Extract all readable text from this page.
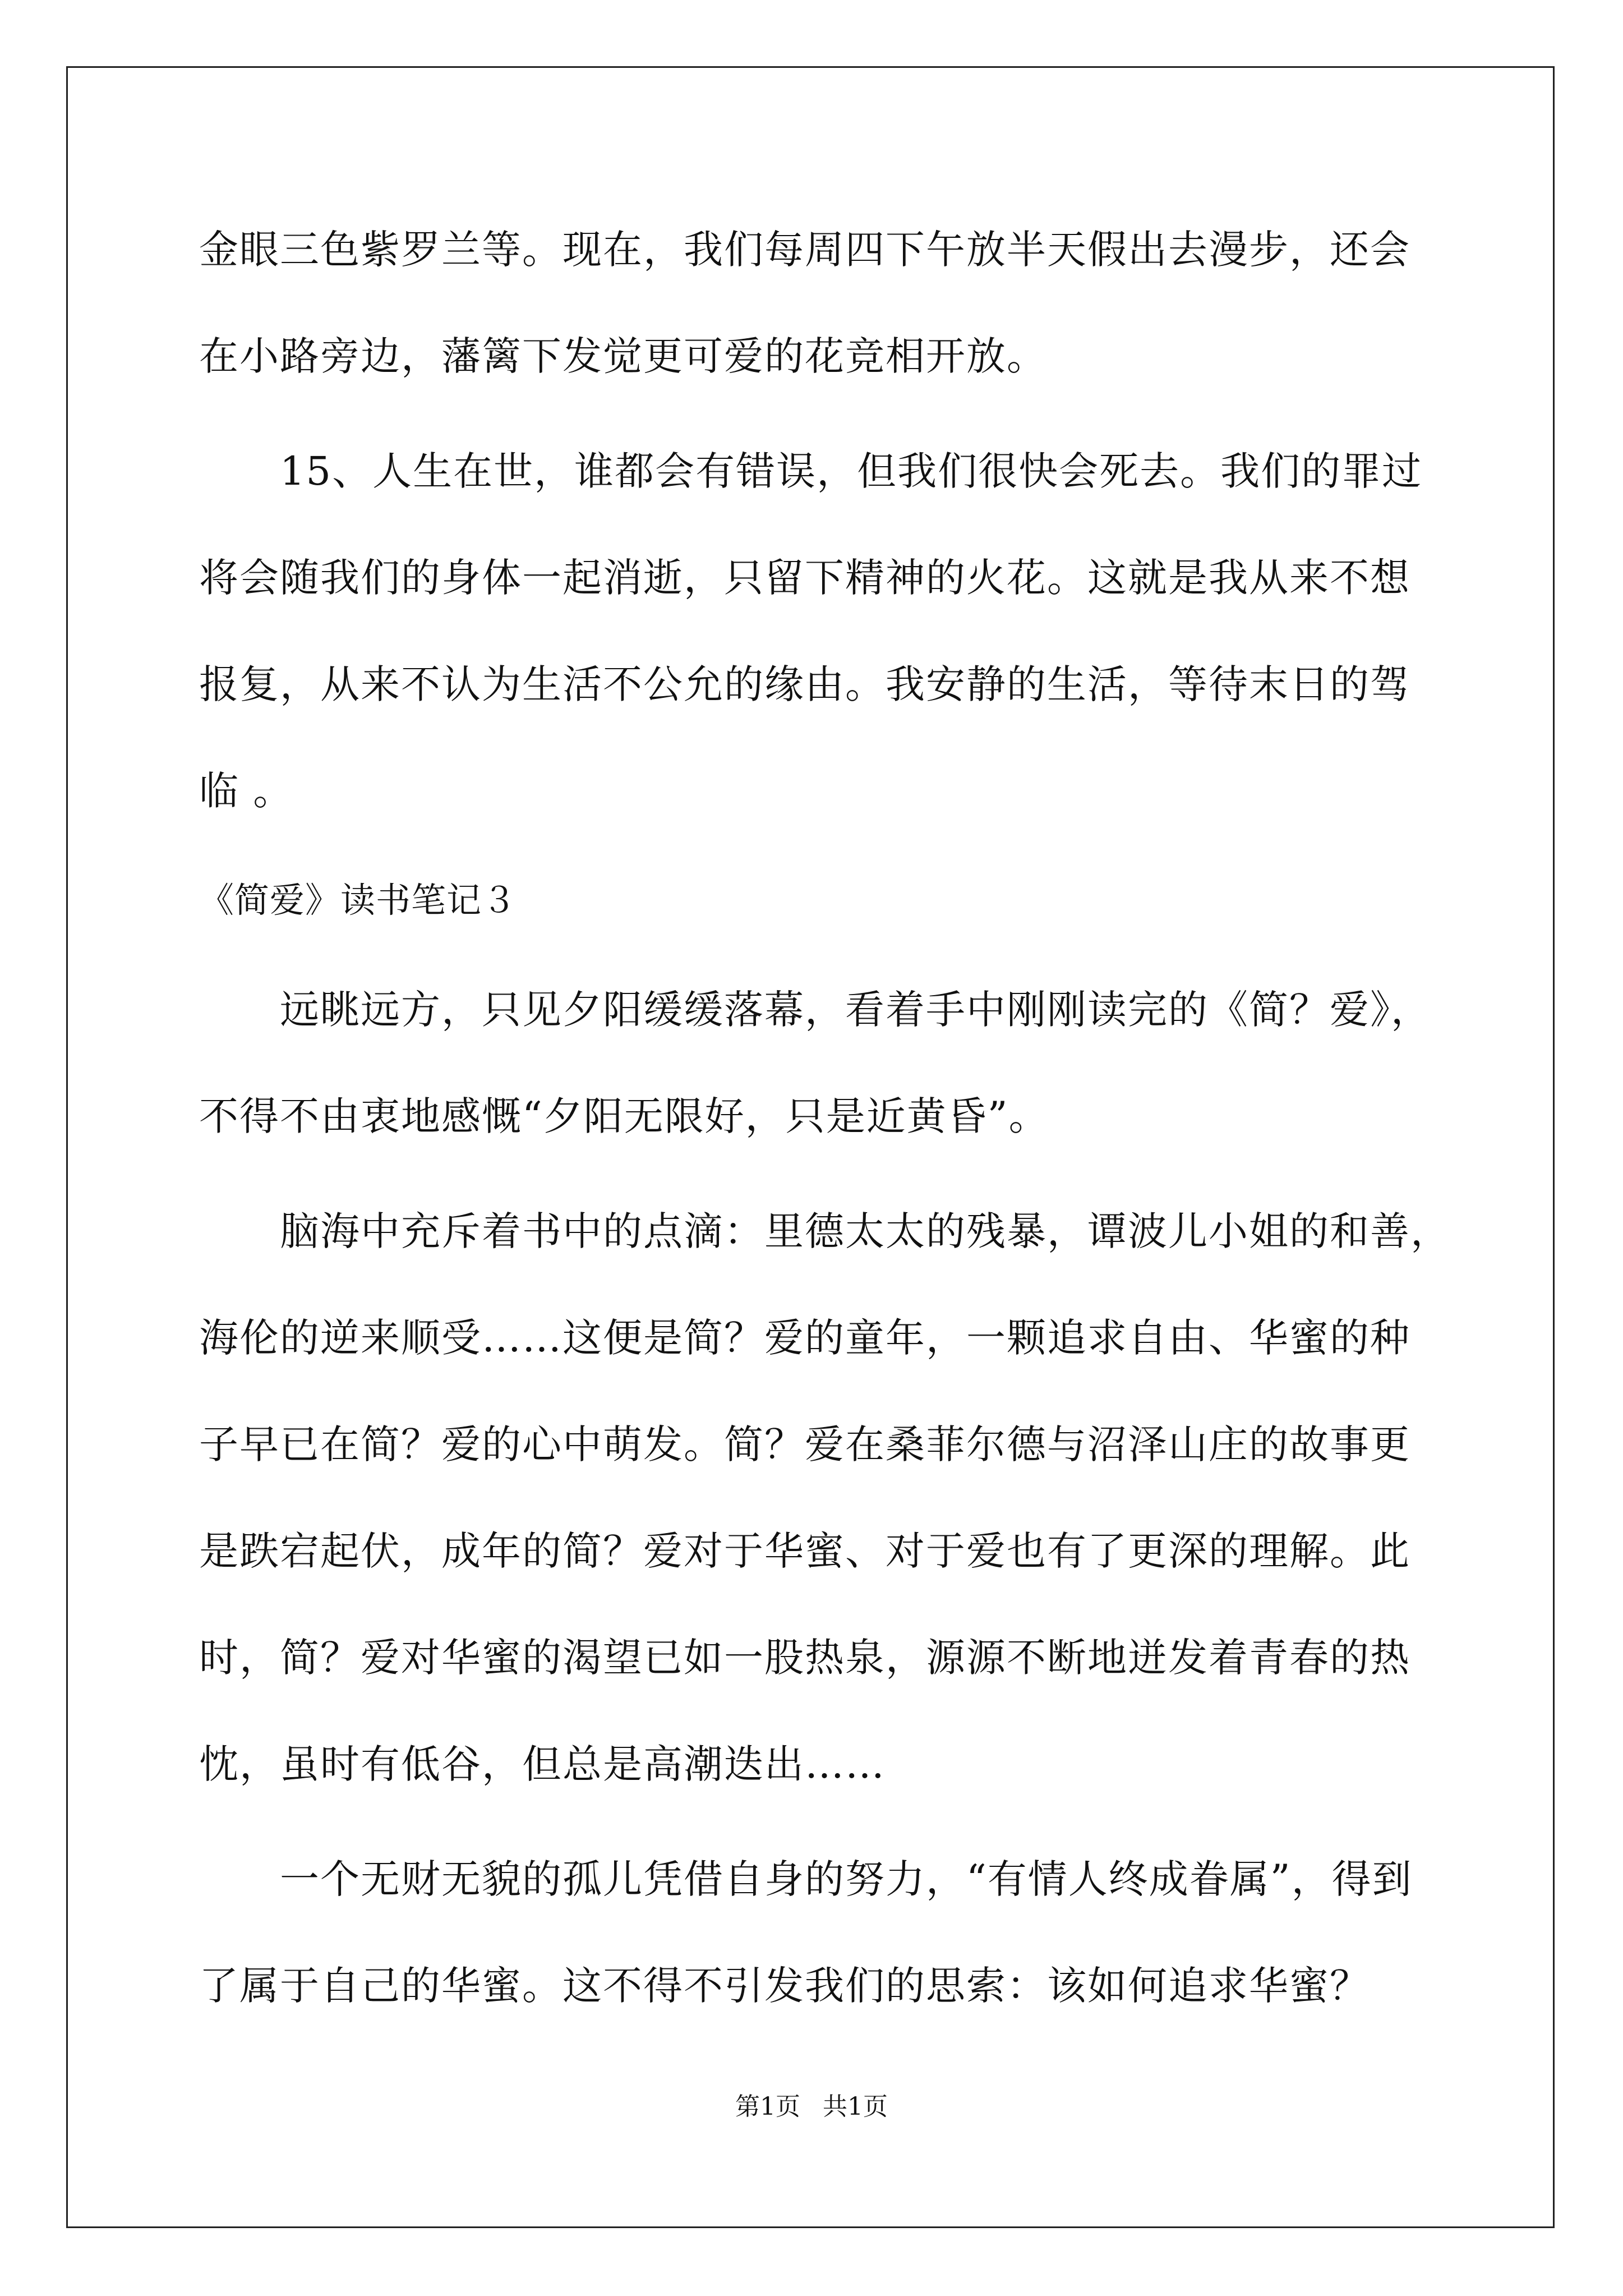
金眼三色紫罗兰等。现在，我们每周四下午放半天假出去漫步，还会
在小路旁边，藩篱下发觉更可爱的花竞相开放。
　　15、人生在世，谁都会有错误，但我们很快会死去。我们的罪过
将会随我们的身体一起消逝，只留下精神的火花。这就是我从来不想
报复，从来不认为生活不公允的缘由。我安静的生活，等待末日的驾
临 。
《简爱》读书笔记３
　　远眺远方，只见夕阳缓缓落幕，看着手中刚刚读完的《简？爱》，
不得不由衷地感慨“夕阳无限好，只是近黄昏”。
　　脑海中充斥着书中的点滴：里德太太的残暴，谭波儿小姐的和善，
海伦的逆来顺受……这便是简？爱的童年，一颗追求自由、华蜜的种
子早已在简？爱的心中萌发。简？爱在桑菲尔德与沼泽山庄的故事更
是跌宕起伏，成年的简？爱对于华蜜、对于爱也有了更深的理解。此
时，简？爱对华蜜的渴望已如一股热泉，源源不断地迸发着青春的热
忱，虽时有低谷，但总是高潮迭出……
　　一个无财无貌的孤儿凭借自身的努力，“有情人终成眷属”，得到
了属于自己的华蜜。这不得不引发我们的思索：该如何追求华蜜？
第1页 共1页
